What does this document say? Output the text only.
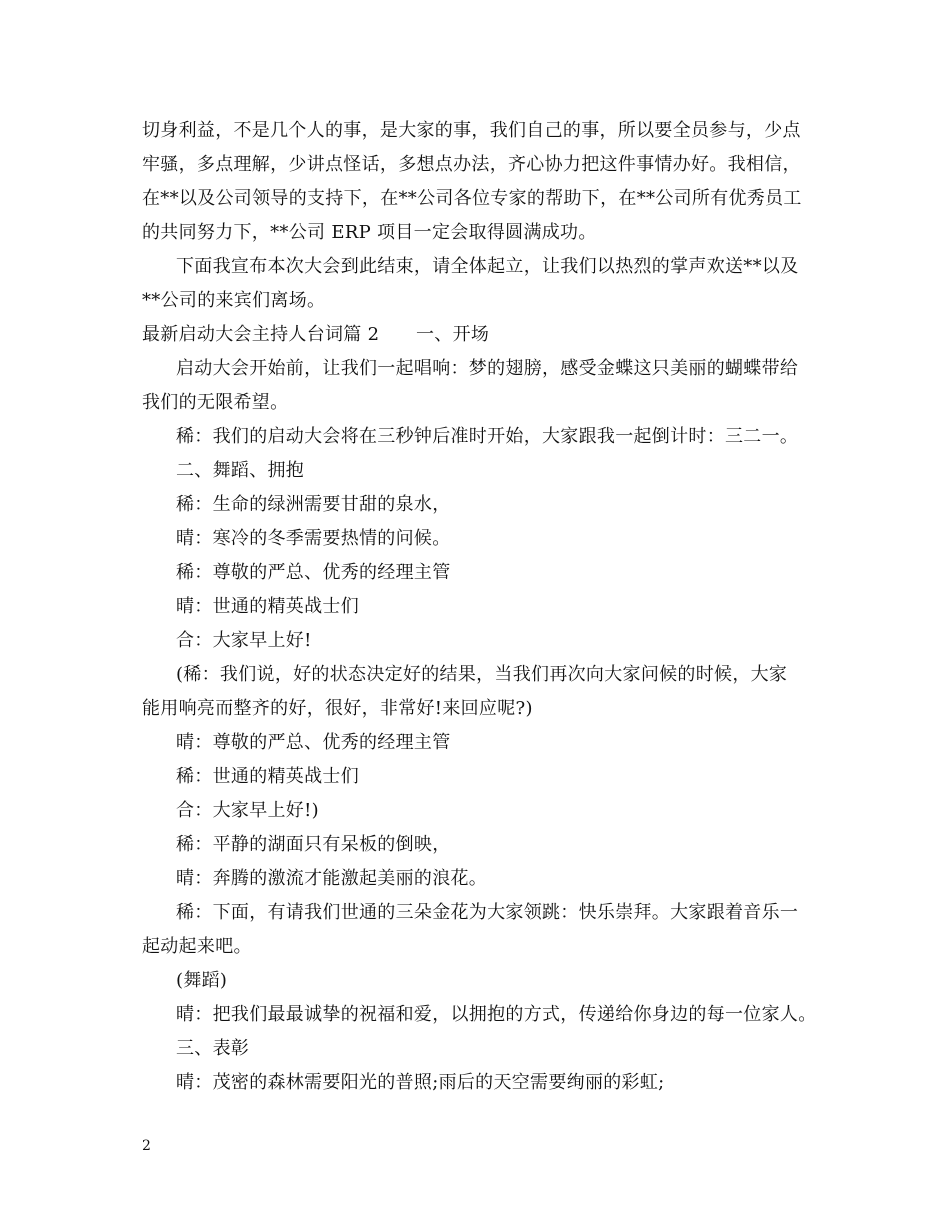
切身利益，不是几个人的事，是大家的事，我们自己的事，所以要全员参与，少点
牢骚，多点理解，少讲点怪话，多想点办法，齐心协力把这件事情办好。我相信，
在**以及公司领导的支持下，在**公司各位专家的帮助下，在**公司所有优秀员工
的共同努力下，**公司 ERP 项目一定会取得圆满成功。
下面我宣布本次大会到此结束，请全体起立，让我们以热烈的掌声欢送**以及
**公司的来宾们离场。
最新启动大会主持人台词篇 2　　一、开场
启动大会开始前，让我们一起唱响：梦的翅膀，感受金蝶这只美丽的蝴蝶带给
我们的无限希望。
稀：我们的启动大会将在三秒钟后准时开始，大家跟我一起倒计时：三二一。
二、舞蹈、拥抱
稀：生命的绿洲需要甘甜的泉水，
晴：寒冷的冬季需要热情的问候。
稀：尊敬的严总、优秀的经理主管
晴：世通的精英战士们
合：大家早上好!
(稀：我们说，好的状态决定好的结果，当我们再次向大家问候的时候，大家
能用响亮而整齐的好，很好，非常好!来回应呢?)
晴：尊敬的严总、优秀的经理主管
稀：世通的精英战士们
合：大家早上好!)
稀：平静的湖面只有呆板的倒映，
晴：奔腾的激流才能激起美丽的浪花。
稀：下面，有请我们世通的三朵金花为大家领跳：快乐崇拜。大家跟着音乐一
起动起来吧。
(舞蹈)
晴：把我们最最诚挚的祝福和爱，以拥抱的方式，传递给你身边的每一位家人。
三、表彰
晴：茂密的森林需要阳光的普照;雨后的天空需要绚丽的彩虹;
2
